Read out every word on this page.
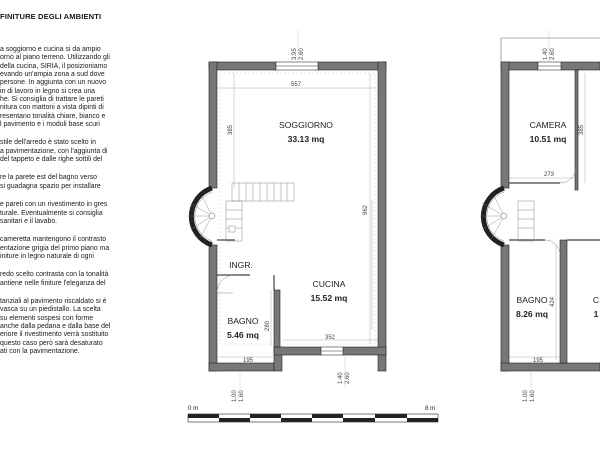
FINITURE DEGLI AMBIENTI
a soggiorno e cucina si da ampio
orno al piano terreno. Utilizzando gli
della cucina, SIRIA, il posizioniamo
evando un'ampia zona a sud dove
persone. In aggiunta con un nuovo
in di lavoro in legno si crea una
he. Si consiglia di trattare le pareti
nitura con mattoni a vista dipinti di
resentano tonalità chiare, bianco e
l pavimento e i moduli base scuri
stile dell'arredo è stato scelto in
a pavimentazione, con l'aggiunta di
del tappeto e dalle righe sottili del
re la parete est del bagno verso
si guadagna spazio per installare
e pareti con un rivestimento in gres
turale. Eventualmente si consiglia
sanitari e il lavabo.
cameretta mantengono il contrasto
entazione grigia del primo piano ma
initure in legno naturale di ogni
redo scelto contrasta con la tonalità
antiene nelle finiture l'eleganza del
tanziali al pavimento riscaldato si è
vasca su un piedistallo. La scelta
su elementi sospesi con forme
anche dalla pedana e dalla base del
eriore il rivestimento verrà sostituito
questo caso però sarà desaturato
ati con la pavimentazione.
SOGGIORNO
33.13 mq
CUCINA
15.52 mq
BAGNO
5.46 mq
INGR.
557
385
962
195
280
352
3.95 2.60
1.00 1.60
1.40 2.60
CAMERA
10.51 mq
BAGNO
8.26 mq
C
1
273
385
424
195
1.40 2.60
1.00 1.60
0 m	8 m
